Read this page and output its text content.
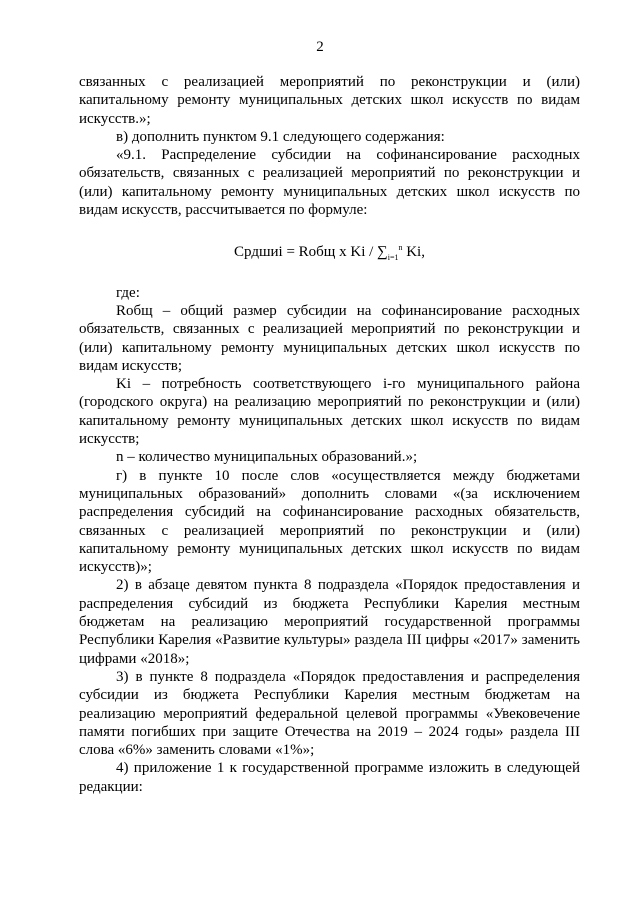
2

связанных с реализацией мероприятий по реконструкции и (или) капитальному ремонту муниципальных детских школ искусств по видам искусств.»;

в) дополнить пунктом 9.1 следующего содержания:

«9.1. Распределение субсидии на софинансирование расходных обязательств, связанных с реализацией мероприятий по реконструкции и (или) капитальному ремонту муниципальных детских школ искусств по видам искусств, рассчитывается по формуле:

Срдшиi = Rобщ x Ki / $\sum_{i=1}^n$ Ki,

где:

Rобщ – общий размер субсидии на софинансирование расходных обязательств, связанных с реализацией мероприятий по реконструкции и (или) капитальному ремонту муниципальных детских школ искусств по видам искусств;

Ki – потребность соответствующего i-го муниципального района (городского округа) на реализацию мероприятий по реконструкции и (или) капитальному ремонту муниципальных детских школ искусств по видам искусств;

n – количество муниципальных образований.»;

г) в пункте 10 после слов «осуществляется между бюджетами муниципальных образований» дополнить словами «(за исключением распределения субсидий на софинансирование расходных обязательств, связанных с реализацией мероприятий по реконструкции и (или) капитальному ремонту муниципальных детских школ искусств по видам искусств)»;

2) в абзаце девятом пункта 8 подраздела «Порядок предоставления и распределения субсидий из бюджета Республики Карелия местным бюджетам на реализацию мероприятий государственной программы Республики Карелия «Развитие культуры» раздела III цифры «2017» заменить цифрами «2018»;

3) в пункте 8 подраздела «Порядок предоставления и распределения субсидии из бюджета Республики Карелия местным бюджетам на реализацию мероприятий федеральной целевой программы «Увековечение памяти погибших при защите Отечества на 2019 – 2024 годы» раздела III слова «6%» заменить словами «1%»;

4) приложение 1 к государственной программе изложить в следующей редакции:
